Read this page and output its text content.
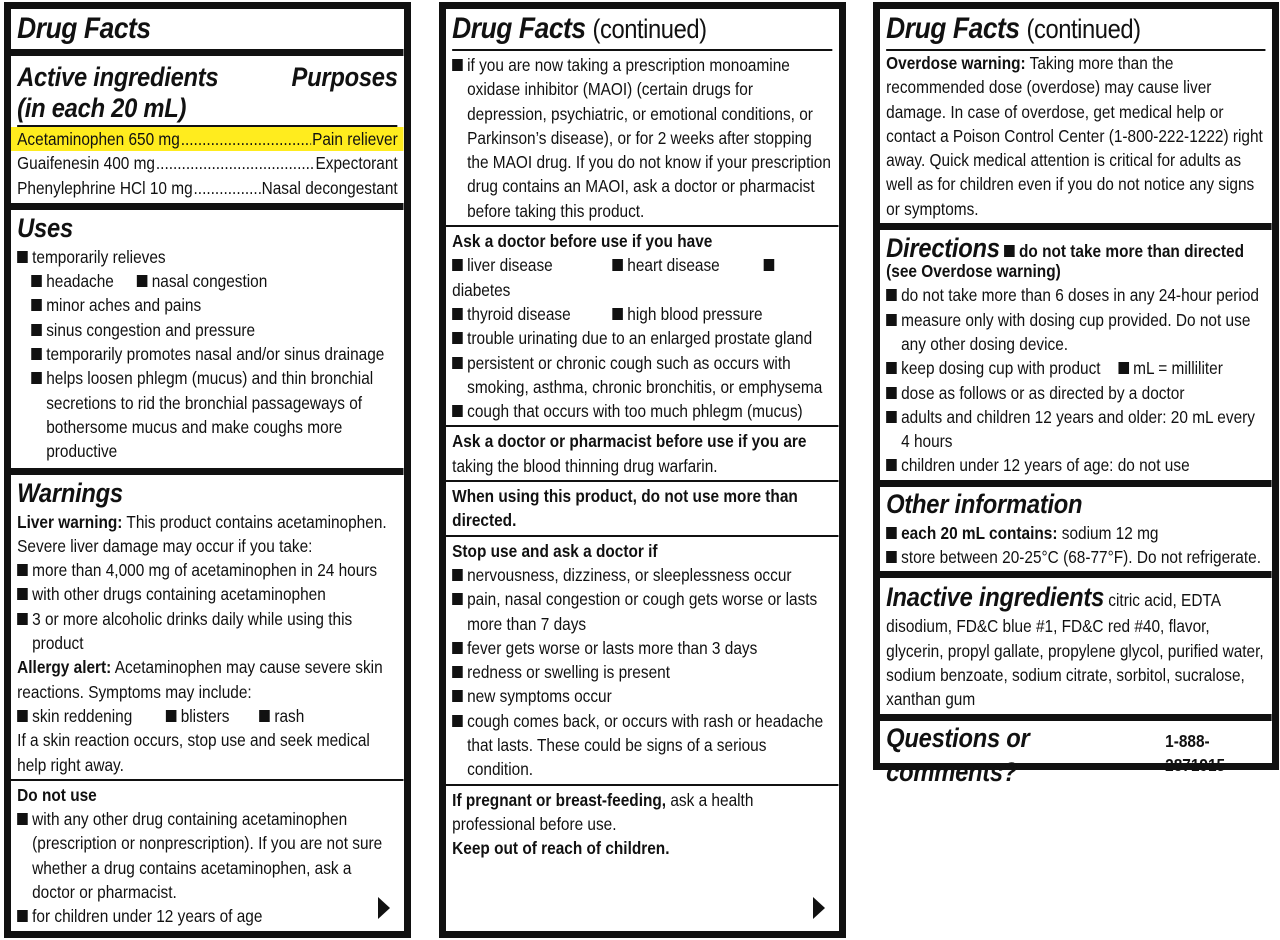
Drug Facts
Active ingredients	Purposes
(in each 20 mL)
Acetaminophen 650 mg .....	Pain reliever
Guaifenesin 400 mg .....	Expectorant
Phenylephrine HCl 10 mg .....	Nasal decongestant
Uses
temporarily relieves
headache nasal congestion
minor aches and pains
sinus congestion and pressure
temporarily promotes nasal and/or sinus drainage
helps loosen phlegm (mucus) and thin bronchial secretions to rid the bronchial passageways of bothersome mucus and make coughs more productive
Warnings
Liver warning: This product contains acetaminophen. Severe liver damage may occur if you take:
more than 4,000 mg of acetaminophen in 24 hours
with other drugs containing acetaminophen
3 or more alcoholic drinks daily while using this product
Allergy alert: Acetaminophen may cause severe skin reactions. Symptoms may include:
skin reddening	blisters	rash
If a skin reaction occurs, stop use and seek medical help right away.
Do not use
with any other drug containing acetaminophen (prescription or nonprescription). If you are not sure whether a drug contains acetaminophen, ask a doctor or pharmacist.
for children under 12 years of age
Drug Facts (continued)
if you are now taking a prescription monoamine oxidase inhibitor (MAOI) (certain drugs for depression, psychiatric, or emotional conditions, or Parkinson’s disease), or for 2 weeks after stopping the MAOI drug. If you do not know if your prescription drug contains an MAOI, ask a doctor or pharmacist before taking this product.
Ask a doctor before use if you have
liver disease	heart diseasediabetes
thyroid disease	high blood pressure
trouble urinating due to an enlarged prostate gland
persistent or chronic cough such as occurs with smoking, asthma, chronic bronchitis, or emphysema
cough that occurs with too much phlegm (mucus)
Ask a doctor or pharmacist before use if you are
taking the blood thinning drug warfarin.
When using this product, do not use more than directed.
Stop use and ask a doctor if
nervousness, dizziness, or sleeplessness occur
pain, nasal congestion or cough gets worse or lasts more than 7 days
fever gets worse or lasts more than 3 days
redness or swelling is present
new symptoms occur
cough comes back, or occurs with rash or headache that lasts. These could be signs of a serious condition.
If pregnant or breast-feeding, ask a health professional before use.
Keep out of reach of children.
Drug Facts (continued)
Overdose warning: Taking more than the recommended dose (overdose) may cause liver damage. In case of overdose, get medical help or contact a Poison Control Center (1-800-222-1222) right away. Quick medical attention is critical for adults as well as for children even if you do not notice any signs or symptoms.
Directions do not take more than directed
(see Overdose warning)
do not take more than 6 doses in any 24-hour period
measure only with dosing cup provided. Do not use any other dosing device.
keep dosing cup with product mL = milliliter
dose as follows or as directed by a doctor
adults and children 12 years and older: 20 mL every 4 hours
children under 12 years of age: do not use
Other information
each 20 mL contains: sodium 12 mg
store between 20-25°C (68-77°F). Do not refrigerate.
Inactive ingredients citric acid, EDTA disodium, FD&C blue #1, FD&C red #40, flavor, glycerin, propyl gallate, propylene glycol, purified water, sodium benzoate, sodium citrate, sorbitol, sucralose, xanthan gum
Questions or comments?
1-888-2871915
